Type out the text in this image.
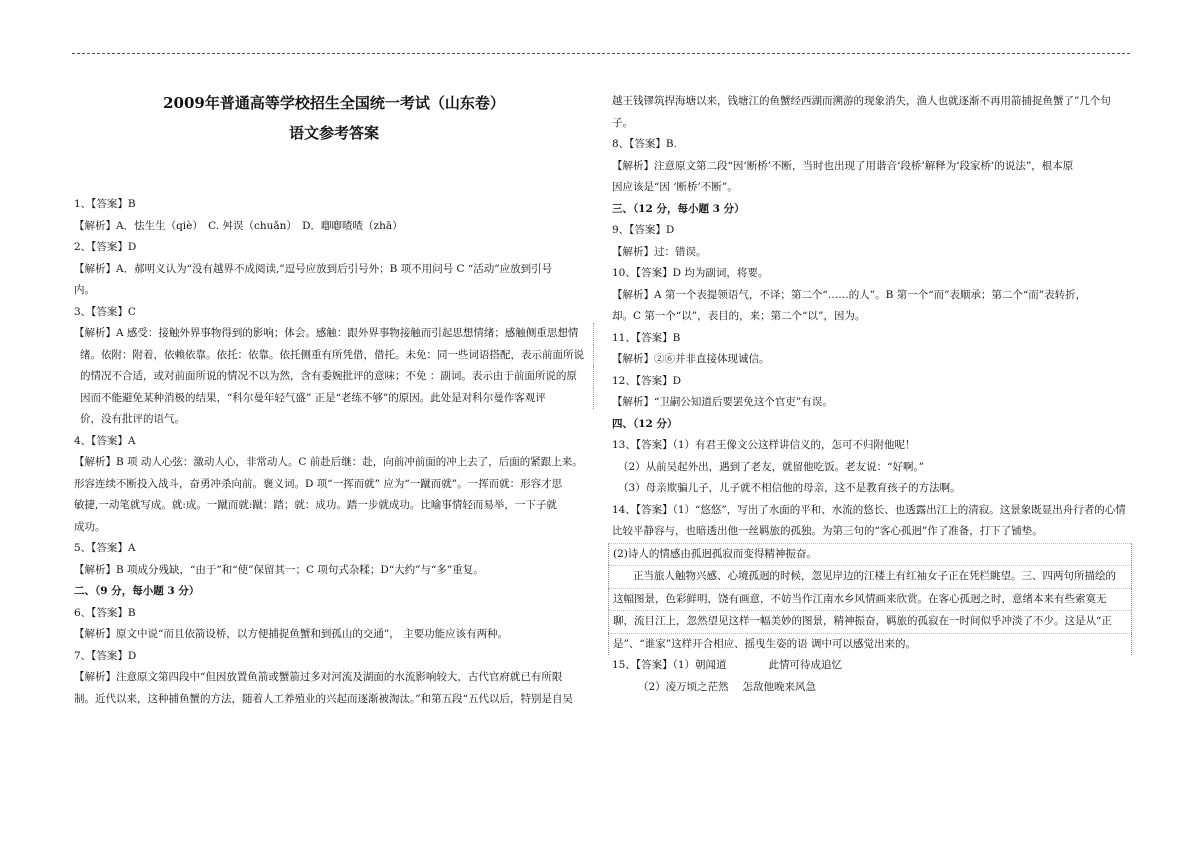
2009年普通高等学校招生全国统一考试（山东卷）
语文参考答案

1、【答案】B

【解析】A．怯生生（qiè）　C. 舛误（chuǎn）　D．喞喞喳喳（zhā）

2、【答案】D

【解析】A．郝明义认为“没有越界不成阅读,”逗号应放到后引号外；B 项不用问号 C “活动”应放到引号

内。

3、【答案】C

【解析】A 感受：接触外界事物得到的影响；体会。感触：跟外界事物接触而引起思想情绪；感触侧重思想情

绪。依附：附着，依赖依靠。依托：依靠。依托侧重有所凭借，借托。未免：同一些词语搭配，表示前面所说

的情况不合适，或对前面所说的情况不以为然，含有委婉批评的意味；不免 ：副词。表示由于前面所说的原

因而不能避免某种消极的结果，“科尔曼年轻气盛” 正是“老练不够”的原因。此处是对科尔曼作客观评

价，没有批评的语气。

4、【答案】A

【解析】B 项 动人心弦：激动人心，非常动人。C 前赴后继：赴，向前冲前面的冲上去了，后面的紧跟上来。

形容连续不断投入战斗，奋勇冲杀向前。褒义词。D 项“一挥而就” 应为“一蹴而就”。一挥而就：形容才思

敏捷,一动笔就写成。就:成。一蹴而就:蹴：踏；就：成功。踏一步就成功。比喻事情轻而易举，一下子就

成功。

5、【答案】A

【解析】B 项成分残缺，“由于”和“使”保留其一；C 项句式杂糅；D“大约”与“多”重复。

二、（9 分，每小题 3 分）

6、【答案】B

【解析】原文中说“而且依箭设桥，以方便捕捉鱼蟹和到孤山的交通”， 主要功能应该有两种。

7、【答案】D

【解析】注意原文第四段中“但因放置鱼箭或蟹箭过多对河流及湖面的水流影响较大，古代官府就已有所限

制。近代以来，这种捕鱼蟹的方法，随着人工养殖业的兴起而逐渐被淘汰。”和第五段“五代以后，特别是自吴

越王钱镠筑捍海塘以来，钱塘江的鱼蟹经西湖而溯游的现象消失，渔人也就逐渐不再用箭捕捉鱼蟹了”几个句

子。

8、【答案】B.

【解析】注意原文第二段“因‘断桥’不断，当时也出现了用谐音‘段桥’解释为‘段家桥’的说法”，根本原

因应该是“因 ‘断桥’不断”。

三、（12 分，每小题 3 分）

9、【答案】D

【解析】过：错误。

10、【答案】D 均为副词，将要。

【解析】A 第一个表提领语气，不译；第二个“……的人”。B 第一个“而”表顺承；第二个“而”表转折，

却。C 第一个“以”，表目的，来；第二个“以”，因为。

11、【答案】B

【解析】②⑥并非直接体现诚信。

12、【答案】D

【解析】“卫嗣公知道后要罢免这个官吏”有误。

四、（12 分）

13、【答案】（1）有君王像文公这样讲信义的，怎可不归附他呢！

（2）从前吴起外出，遇到了老友，就留他吃饭。老友说：“好啊。”

（3）母亲欺骗儿子，儿子就不相信他的母亲，这不是教育孩子的方法啊。

14、【答案】（1）“悠悠”，写出了水面的平和、水流的悠长、也透露出江上的清寂。这景象既显出舟行者的心情

比较平静容与，也暗透出他一丝羁旅的孤独。为第三句的“客心孤迥”作了准备，打下了铺垫。

(2)诗人的情感由孤迥孤寂而变得精神振奋。

正当旅人触物兴感、心境孤迥的时候，忽见岸边的江楼上有红袖女子正在凭栏眺望。三、四两句所描绘的

这幅图景，色彩鲜明，饶有画意，不妨当作江南水乡风情画来欣赏。在客心孤迥之时，意绪本来有些索寞无

聊，流目江上，忽然望见这样一幅美妙的图景，精神振奋，羁旅的孤寂在一时间似乎冲淡了不少。这是从“正

是”、“谁家”这样开合相应、摇曳生姿的语 调中可以感觉出来的。

15、【答案】（1）朝闻道　　　　此情可待成追忆

（2）凌万顷之茫然　 怎敌他晚来风急
